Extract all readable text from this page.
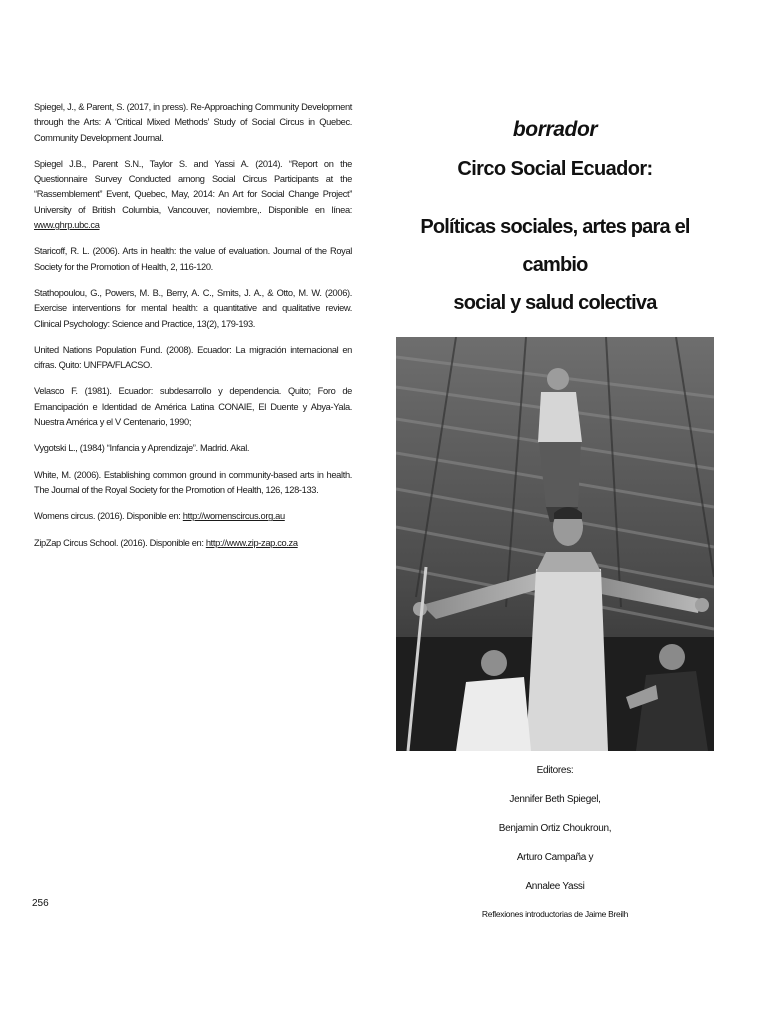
Spiegel, J., & Parent, S. (2017, in press). Re-Approaching Community Development through the Arts: A ‘Critical Mixed Methods’ Study of Social Circus in Quebec. Community Development Journal.

Spiegel J.B., Parent S.N., Taylor S. and Yassi A. (2014). “Report on the Questionnaire Survey Conducted among Social Circus Participants at the “Rassemblement” Event, Quebec, May, 2014: An Art for Social Change Project” University of British Columbia, Vancouver, noviembre,. Disponible en línea: www.ghrp.ubc.ca

Staricoff, R. L. (2006). Arts in health: the value of evaluation. Journal of the Royal Society for the Promotion of Health, 2, 116-120.

Stathopoulou, G., Powers, M. B., Berry, A. C., Smits, J. A., & Otto, M. W. (2006). Exercise interventions for mental health: a quantitative and qualitative review. Clinical Psychology: Science and Practice, 13(2), 179-193.

United Nations Population Fund. (2008). Ecuador: La migración internacional en cifras. Quito: UNFPA/FLACSO.

Velasco F. (1981). Ecuador: subdesarrollo y dependencia. Quito; Foro de Emancipación e Identidad de América Latina CONAIE, El Duente y Abya-Yala. Nuestra América y el V Centenario, 1990;

Vygotski L., (1984) “Infancia y Aprendizaje”. Madrid. Akal.

White, M. (2006). Establishing common ground in community-based arts in health. The Journal of the Royal Society for the Promotion of Health, 126, 128-133.

Womens circus. (2016). Disponible en: http://womenscircus.org.au

ZipZap Circus School. (2016). Disponible en: http://www.zip-zap.co.za

256
borrador
Circo Social Ecuador:
Políticas sociales, artes para el cambio
social y salud colectiva
Editores:
Jennifer Beth Spiegel,
Benjamin Ortiz Choukroun,
Arturo Campaña y
Annalee Yassi
Reflexiones introductorias de Jaime Breilh
